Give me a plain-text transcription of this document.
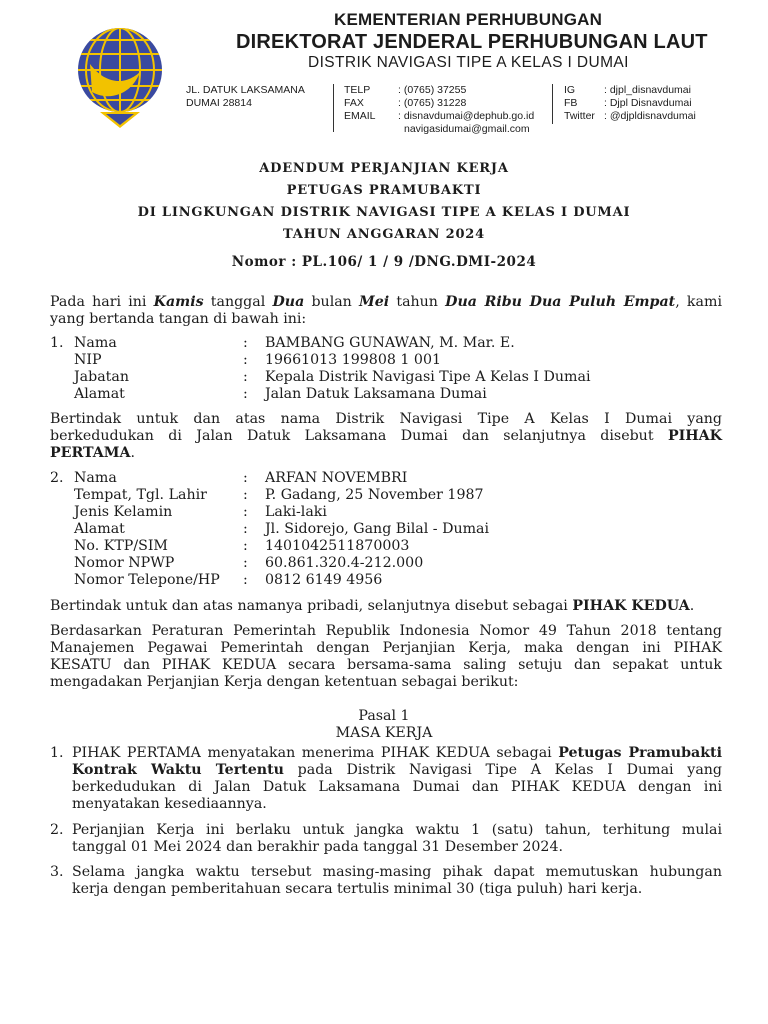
KEMENTERIAN PERHUBUNGAN
DIREKTORAT JENDERAL PERHUBUNGAN LAUT
DISTRIK NAVIGASI TIPE A KELAS I DUMAI
JL. DATUK LAKSAMANA
DUMAI 28814
TELP
FAX
EMAIL
: (0765) 37255
: (0765) 31228
: disnavdumai@dephub.go.id
navigasidumai@gmail.com
IG
FB
Twitter
: djpl_disnavdumai
: Djpl Disnavdumai
: @djpldisnavdumai
ADENDUM PERJANJIAN KERJA
PETUGAS PRAMUBAKTI
DI LINGKUNGAN DISTRIK NAVIGASI TIPE A KELAS I DUMAI
TAHUN ANGGARAN 2024
Nomor : PL.106/ 1 / 9 /DNG.DMI-2024
Pada hari ini Kamis tanggal Dua bulan Mei tahun Dua Ribu Dua Puluh Empat, kami
yang bertanda tangan di bawah ini:
1. Nama
NIP
Jabatan
Alamat
:
:
:
:
BAMBANG GUNAWAN, M. Mar. E.
19661013 199808 1 001
Kepala Distrik Navigasi Tipe A Kelas I Dumai
Jalan Datuk Laksamana Dumai
Bertindak untuk dan atas nama Distrik Navigasi Tipe A Kelas I Dumai yang
berkedudukan di Jalan Datuk Laksamana Dumai dan selanjutnya disebut PIHAK
PERTAMA.
2. Nama
Tempat, Tgl. Lahir
Jenis Kelamin
Alamat
No. KTP/SIM
Nomor NPWP
Nomor Telepone/HP
:
:
:
:
:
:
:
ARFAN NOVEMBRI
P. Gadang, 25 November 1987
Laki-laki
Jl. Sidorejo, Gang Bilal - Dumai
1401042511870003
60.861.320.4-212.000
0812 6149 4956
Bertindak untuk dan atas namanya pribadi, selanjutnya disebut sebagai PIHAK KEDUA.
Berdasarkan Peraturan Pemerintah Republik Indonesia Nomor 49 Tahun 2018 tentang
Manajemen Pegawai Pemerintah dengan Perjanjian Kerja, maka dengan ini PIHAK
KESATU dan PIHAK KEDUA secara bersama-sama saling setuju dan sepakat untuk
mengadakan Perjanjian Kerja dengan ketentuan sebagai berikut:
Pasal 1
MASA KERJA
1. PIHAK PERTAMA menyatakan menerima PIHAK KEDUA sebagai Petugas Pramubakti
Kontrak Waktu Tertentu pada Distrik Navigasi Tipe A Kelas I Dumai yang
berkedudukan di Jalan Datuk Laksamana Dumai dan PIHAK KEDUA dengan ini
menyatakan kesediaannya.
2. Perjanjian Kerja ini berlaku untuk jangka waktu 1 (satu) tahun, terhitung mulai
tanggal 01 Mei 2024 dan berakhir pada tanggal 31 Desember 2024.
3. Selama jangka waktu tersebut masing-masing pihak dapat memutuskan hubungan
kerja dengan pemberitahuan secara tertulis minimal 30 (tiga puluh) hari kerja.
